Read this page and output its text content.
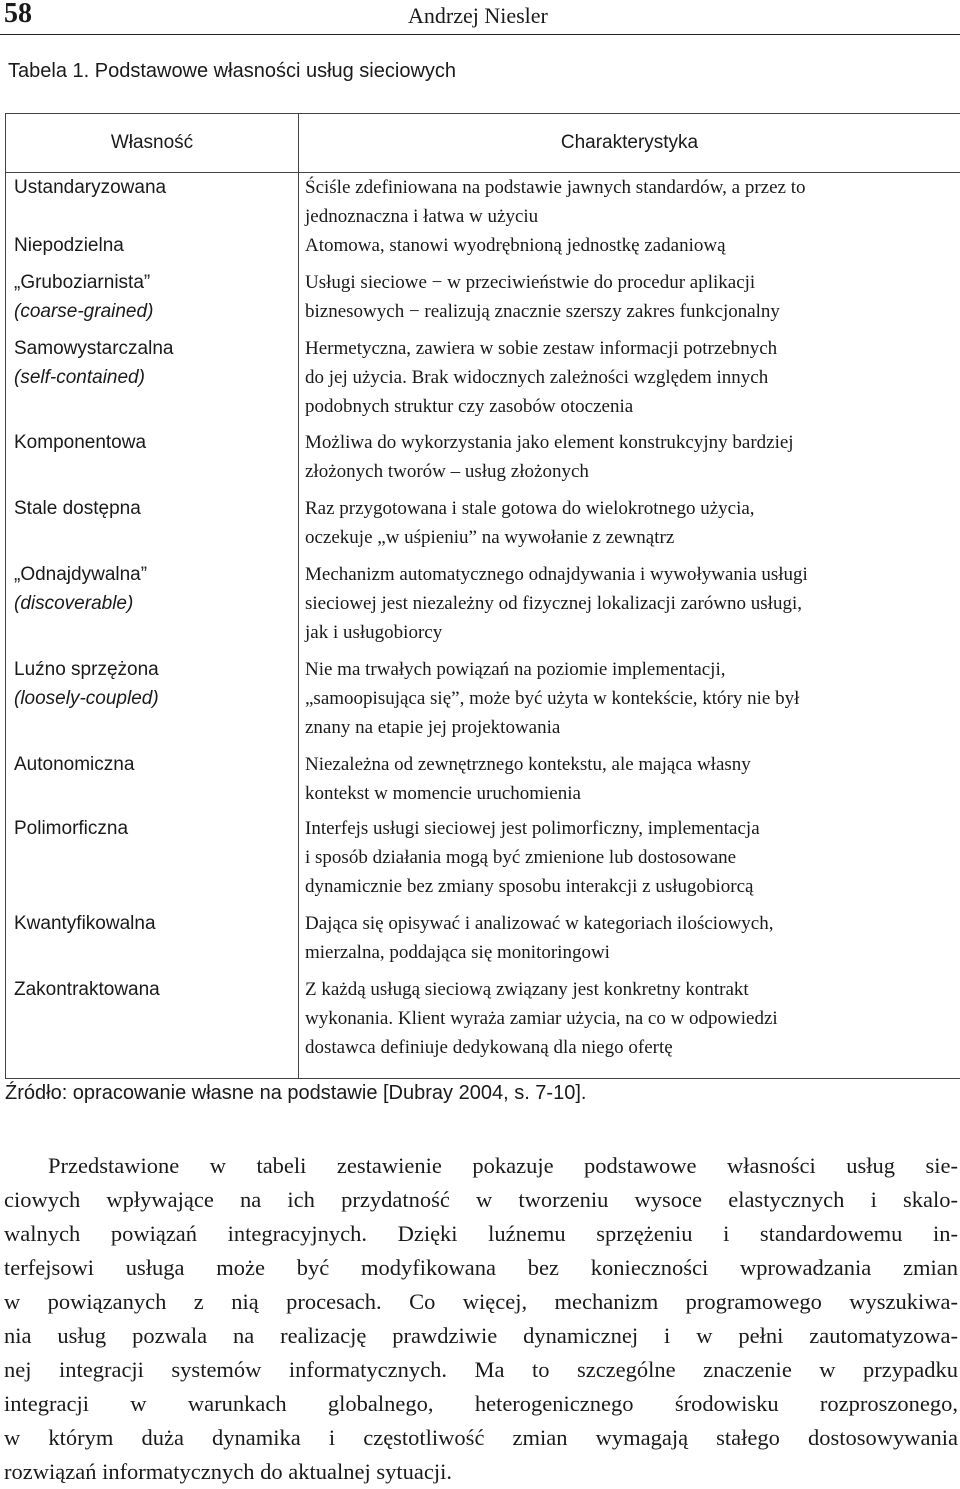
58	Andrzej Niesler
Tabela 1. Podstawowe własności usług sieciowych
Własność	Charakterystyka

Ustandaryzowana	Ściśle zdefiniowana na podstawie jawnych standardów, a przez to
jednoznaczna i łatwa w użyciu

Niepodzielna	Atomowa, stanowi wyodrębnioną jednostkę zadaniową

„Gruboziarnista”
(coarse-grained)	Usługi sieciowe − w przeciwieństwie do procedur aplikacji
biznesowych − realizują znacznie szerszy zakres funkcjonalny

Samowystarczalna
(self-contained)	Hermetyczna, zawiera w sobie zestaw informacji potrzebnych
do jej użycia. Brak widocznych zależności względem innych
podobnych struktur czy zasobów otoczenia

Komponentowa	Możliwa do wykorzystania jako element konstrukcyjny bardziej
złożonych tworów – usług złożonych

Stale dostępna	Raz przygotowana i stale gotowa do wielokrotnego użycia,
oczekuje „w uśpieniu” na wywołanie z zewnątrz

„Odnajdywalna”
(discoverable)	Mechanizm automatycznego odnajdywania i wywoływania usługi
sieciowej jest niezależny od fizycznej lokalizacji zarówno usługi,
jak i usługobiorcy

Luźno sprzężona
(loosely-coupled)	Nie ma trwałych powiązań na poziomie implementacji,
„samoopisująca się”, może być użyta w kontekście, który nie był
znany na etapie jej projektowania

Autonomiczna	Niezależna od zewnętrznego kontekstu, ale mająca własny
kontekst w momencie uruchomienia

Polimorficzna	Interfejs usługi sieciowej jest polimorficzny, implementacja
i sposób działania mogą być zmienione lub dostosowane
dynamicznie bez zmiany sposobu interakcji z usługobiorcą

Kwantyfikowalna	Dająca się opisywać i analizować w kategoriach ilościowych,
mierzalna, poddająca się monitoringowi

Zakontraktowana	Z każdą usługą sieciową związany jest konkretny kontrakt
wykonania. Klient wyraża zamiar użycia, na co w odpowiedzi
dostawca definiuje dedykowaną dla niego ofertę
Źródło: opracowanie własne na podstawie [Dubray 2004, s. 7-10].
Przedstawione w tabeli zestawienie pokazuje podstawowe własności usług sie-
ciowych wpływające na ich przydatność w tworzeniu wysoce elastycznych i skalo-
walnych powiązań integracyjnych. Dzięki luźnemu sprzężeniu i standardowemu in-
terfejsowi usługa może być modyfikowana bez konieczności wprowadzania zmian
w powiązanych z nią procesach. Co więcej, mechanizm programowego wyszukiwa-
nia usług pozwala na realizację prawdziwie dynamicznej i w pełni zautomatyzowa-
nej integracji systemów informatycznych. Ma to szczególne znaczenie w przypadku
integracji w warunkach globalnego, heterogenicznego środowisku rozproszonego,
w którym duża dynamika i częstotliwość zmian wymagają stałego dostosowywania
rozwiązań informatycznych do aktualnej sytuacji.
